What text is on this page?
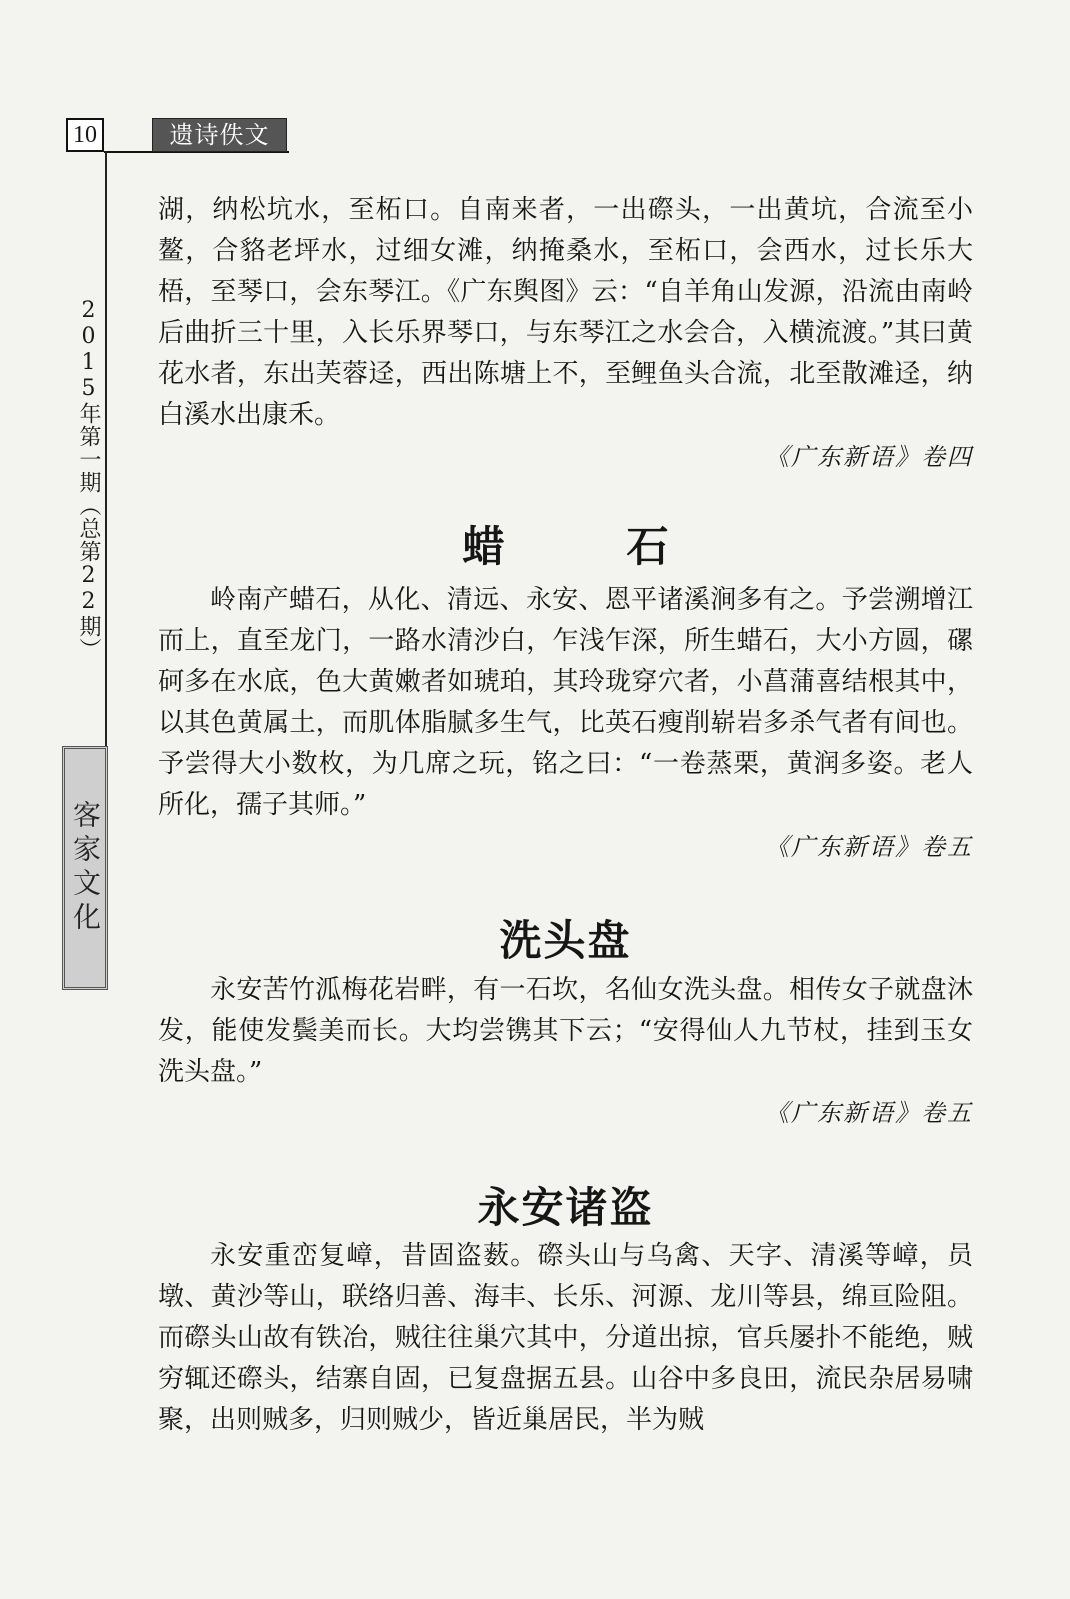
10	遗诗佚文
2015年第一期（总第22期）
客家文化

湖，纳松坑水，至柘口。自南来者，一出磜头，一出黄坑，合流至小鳌，合貉老坪水，过细女滩，纳掩桑水，至柘口，会西水，过长乐大梧，至琴口，会东琴江。《广东舆图》云：“自羊角山发源，沿流由南岭后曲折三十里，入长乐界琴口，与东琴江之水会合，入横流渡。”其曰黄花水者，东出芙蓉迳，西出陈塘上不，至鲤鱼头合流，北至散滩迳，纳白溪水出康禾。

《广东新语》卷四
蜡　石

岭南产蜡石，从化、清远、永安、恩平诸溪涧多有之。予尝溯增江而上，直至龙门，一路水清沙白，乍浅乍深，所生蜡石，大小方圆，磥砢多在水底，色大黄嫩者如琥珀，其玲珑穿穴者，小菖蒲喜结根其中，以其色黄属土，而肌体脂腻多生气，比英石瘦削崭岩多杀气者有间也。予尝得大小数枚，为几席之玩，铭之曰：“一卷蒸栗，黄润多姿。老人所化，孺子其师。”

《广东新语》卷五
洗头盘

永安苦竹泒梅花岩畔，有一石坎，名仙女洗头盘。相传女子就盘沐发，能使发鬓美而长。大均尝镌其下云；“安得仙人九节杖，挂到玉女洗头盘。”

《广东新语》卷五
永安诸盗

永安重峦复嶂，昔固盗薮。磜头山与乌禽、天字、清溪等嶂，员墩、黄沙等山，联络归善、海丰、长乐、河源、龙川等县，绵亘险阻。而磜头山故有铁冶，贼往往巢穴其中，分道出掠，官兵屡扑不能绝，贼穷辄还磜头，结寨自固，已复盘据五县。山谷中多良田，流民杂居易啸聚，出则贼多，归则贼少，皆近巢居民，半为贼
